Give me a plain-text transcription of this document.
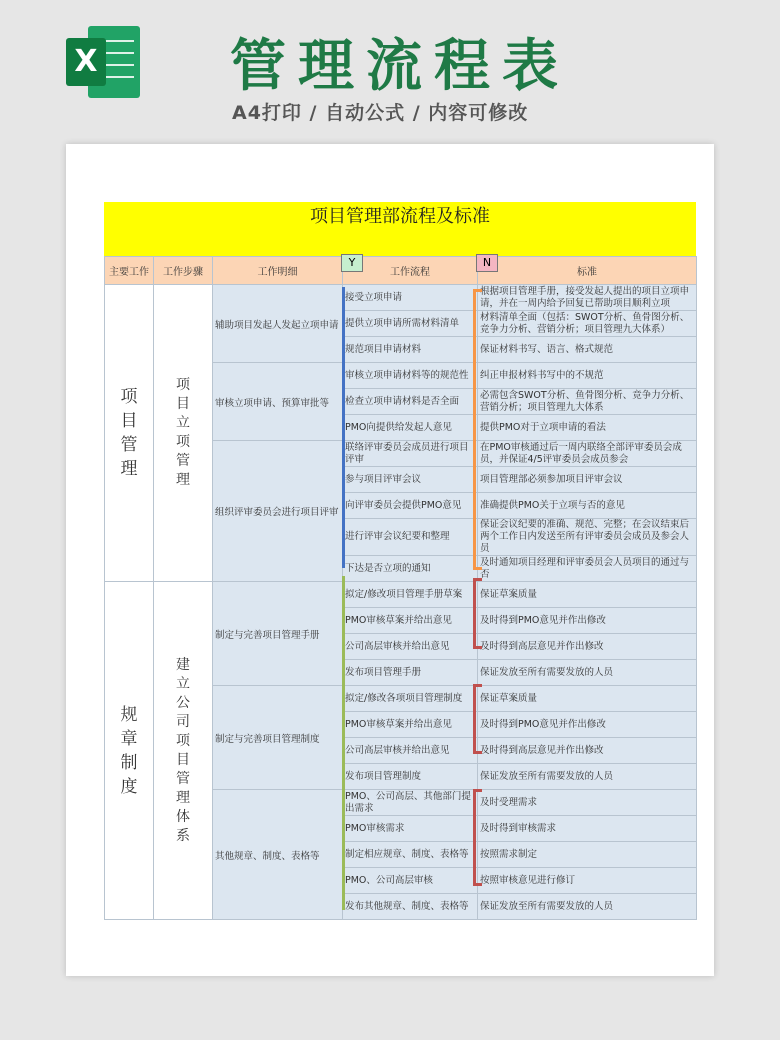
X 管理流程表
A4打印 / 自动公式 / 内容可修改
项目管理部流程及标准
主要工作	工作步骤	工作明细	工作流程	标准
项目管理	项目立项管理	辅助项目发起人发起立项申请	接受立项申请	根据项目管理手册，接受发起人提出的项目立项申请，并在一周内给予回复已帮助项目顺利立项
			提供立项申请所需材料清单	材料清单全面（包括：SWOT分析、鱼骨图分析、竞争力分析、营销分析；项目管理九大体系）
			规范项目申请材料	保证材料书写、语言、格式规范
		审核立项申请、预算审批等	审核立项申请材料等的规范性	纠正申报材料书写中的不规范
			检查立项申请材料是否全面	必需包含SWOT分析、鱼骨图分析、竞争力分析、营销分析；项目管理九大体系
			PMO向提供给发起人意见	提供PMO对于立项申请的看法
		组织评审委员会进行项目评审	联络评审委员会成员进行项目评审	在PMO审核通过后一周内联络全部评审委员会成员，并保证4/5评审委员会成员参会
			参与项目评审会议	项目管理部必须参加项目评审会议
			向评审委员会提供PMO意见	准确提供PMO关于立项与否的意见
			进行评审会议纪要和整理	保证会议纪要的准确、规范、完整；在会议结束后两个工作日内发送至所有评审委员会成员及参会人员
			下达是否立项的通知	及时通知项目经理和评审委员会人员项目的通过与否
规章制度	建立公司项目管理体系	制定与完善项目管理手册	拟定/修改项目管理手册草案	保证草案质量
			PMO审核草案并给出意见	及时得到PMO意见并作出修改
			公司高层审核并给出意见	及时得到高层意见并作出修改
			发布项目管理手册	保证发放至所有需要发放的人员
		制定与完善项目管理制度	拟定/修改各项项目管理制度	保证草案质量
			PMO审核草案并给出意见	及时得到PMO意见并作出修改
			公司高层审核并给出意见	及时得到高层意见并作出修改
			发布项目管理制度	保证发放至所有需要发放的人员
		其他规章、制度、表格等	PMO、公司高层、其他部门提出需求	及时受理需求
			PMO审核需求	及时得到审核需求
			制定相应规章、制度、表格等	按照需求制定
			PMO、公司高层审核	按照审核意见进行修订
			发布其他规章、制度、表格等	保证发放至所有需要发放的人员
Y	N
